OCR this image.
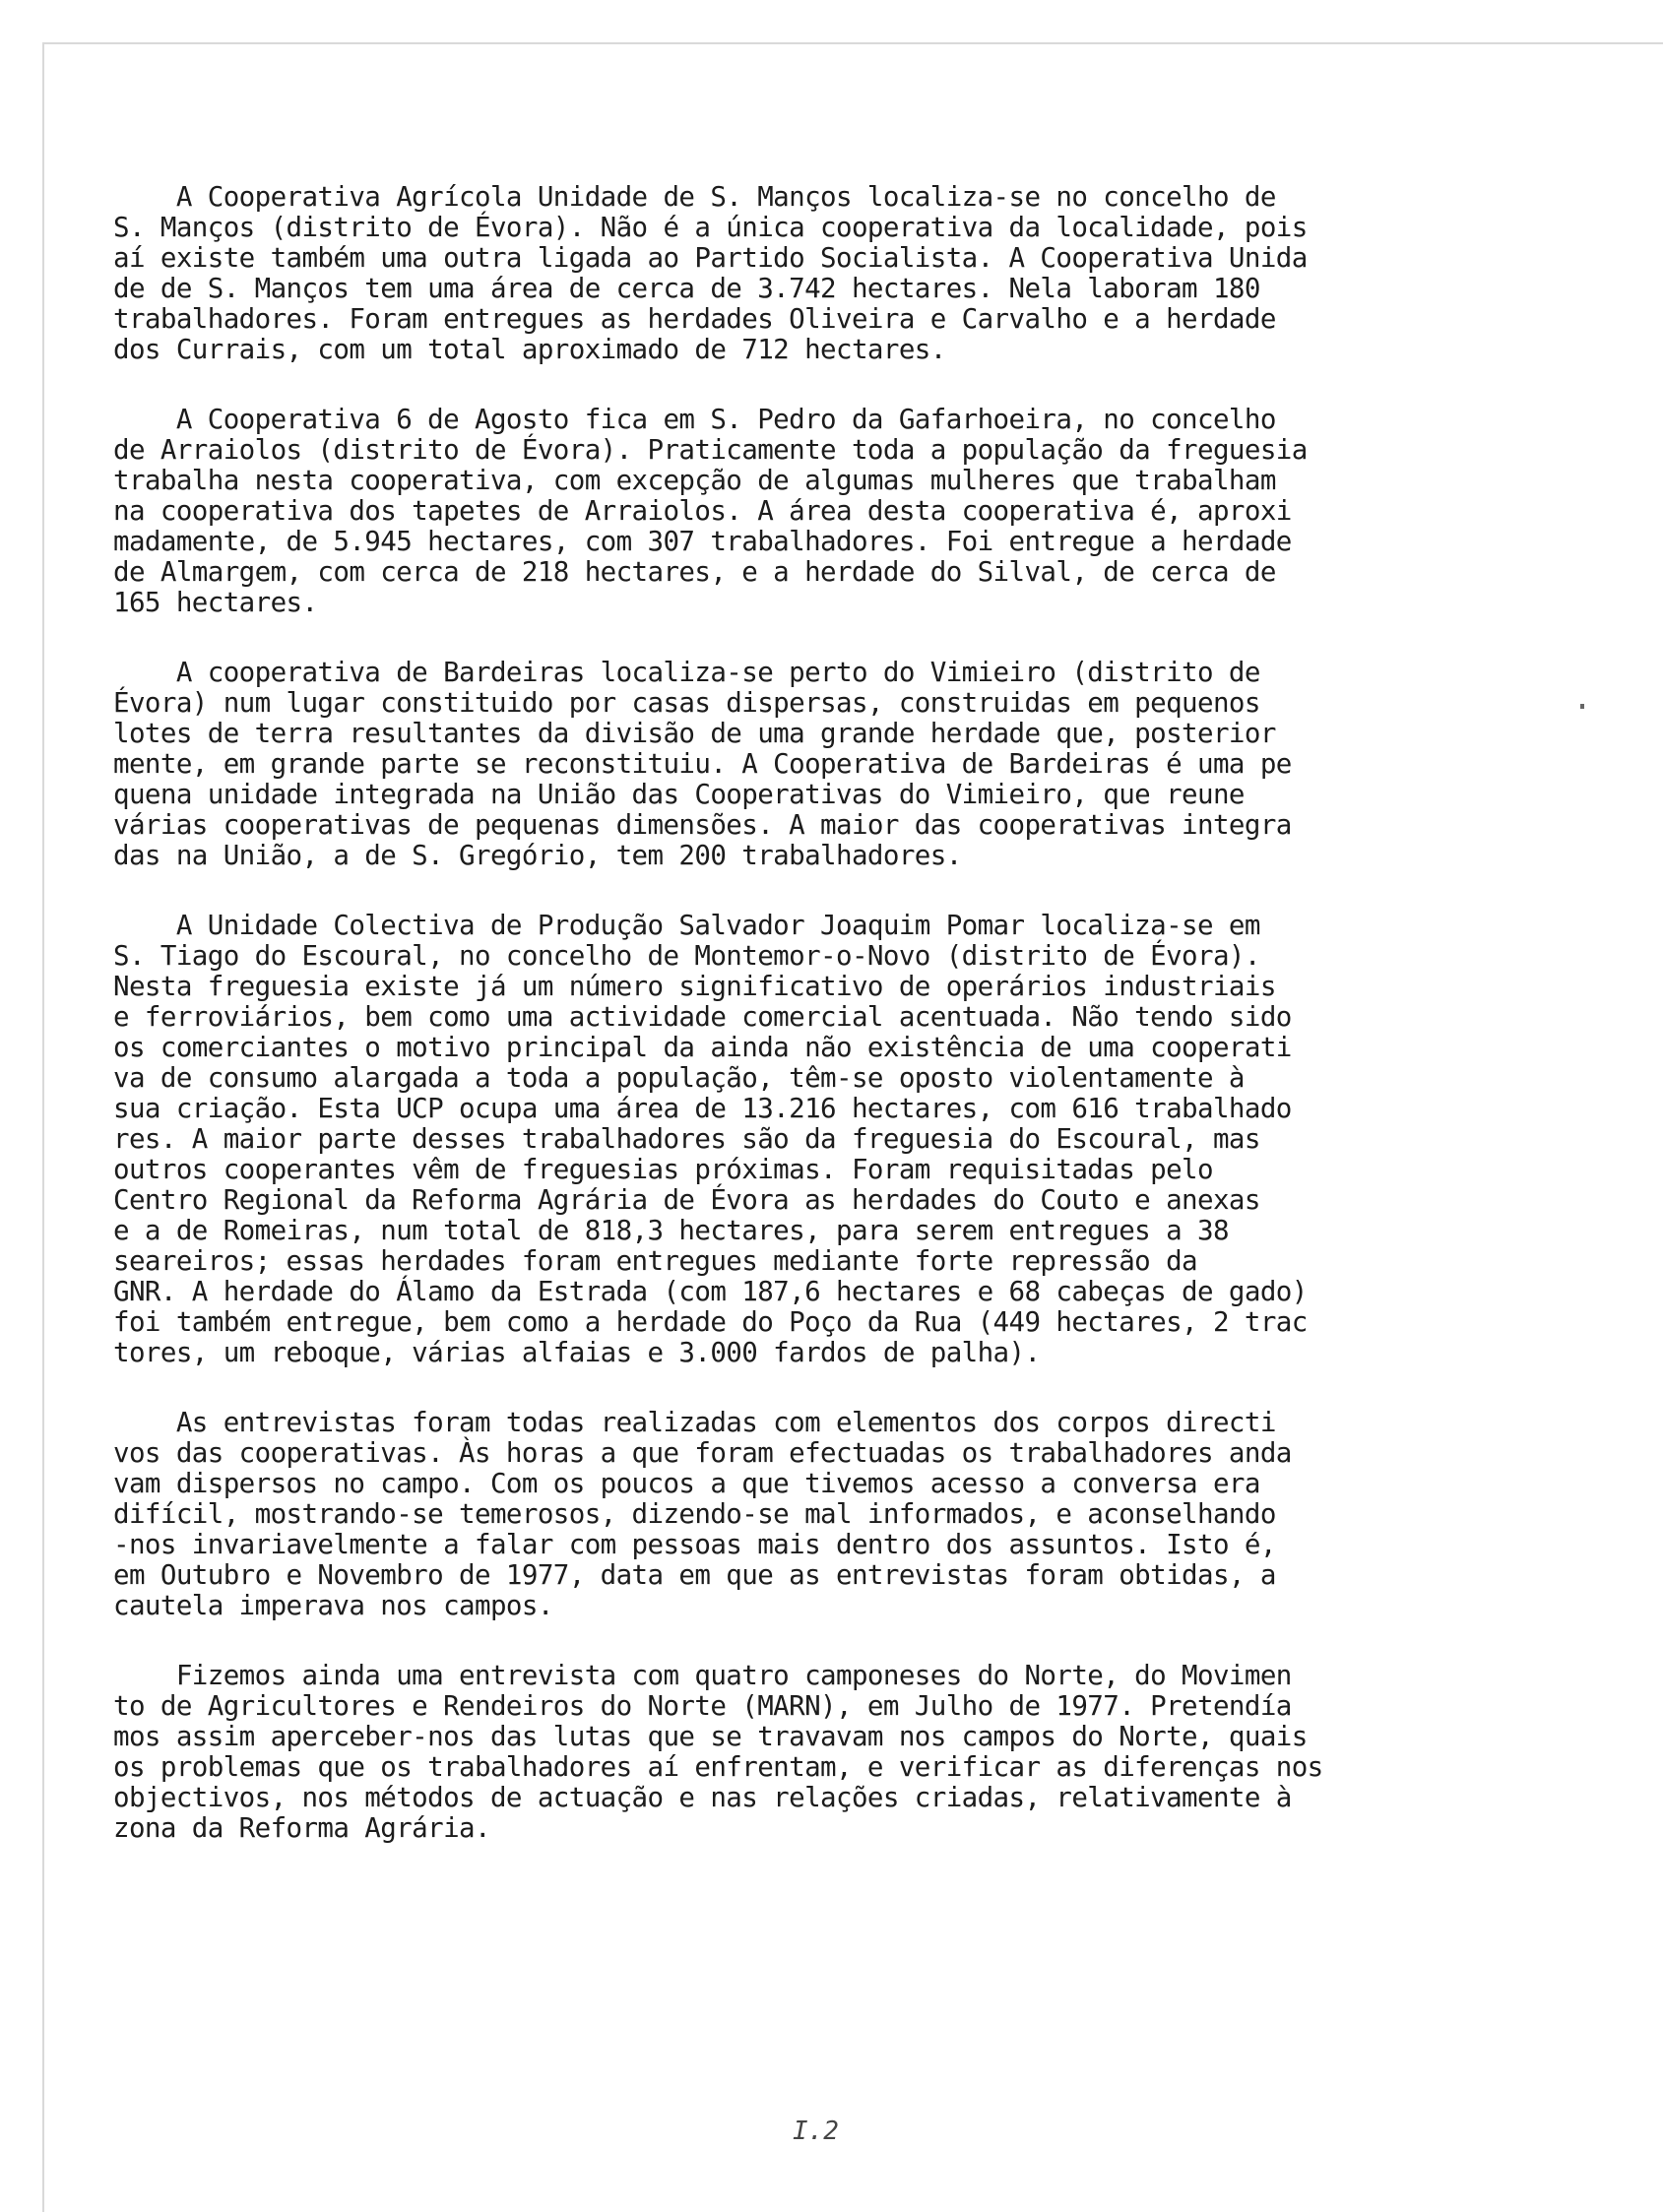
A Cooperativa Agrícola Unidade de S. Manços localiza-se no concelho de
S. Manços (distrito de Évora). Não é a única cooperativa da localidade, pois
aí existe também uma outra ligada ao Partido Socialista. A Cooperativa Unida
de de S. Manços tem uma área de cerca de 3.742 hectares. Nela laboram 180
trabalhadores. Foram entregues as herdades Oliveira e Carvalho e a herdade
dos Currais, com um total aproximado de 712 hectares.
A Cooperativa 6 de Agosto fica em S. Pedro da Gafarhoeira, no concelho
de Arraiolos (distrito de Évora). Praticamente toda a população da freguesia
trabalha nesta cooperativa, com excepção de algumas mulheres que trabalham
na cooperativa dos tapetes de Arraiolos. A área desta cooperativa é, aproxi
madamente, de 5.945 hectares, com 307 trabalhadores. Foi entregue a herdade
de Almargem, com cerca de 218 hectares, e a herdade do Silval, de cerca de
165 hectares.
A cooperativa de Bardeiras localiza-se perto do Vimieiro (distrito de
Évora) num lugar constituido por casas dispersas, construidas em pequenos
lotes de terra resultantes da divisão de uma grande herdade que, posterior
mente, em grande parte se reconstituiu. A Cooperativa de Bardeiras é uma pe
quena unidade integrada na União das Cooperativas do Vimieiro, que reune
várias cooperativas de pequenas dimensões. A maior das cooperativas integra
das na União, a de S. Gregório, tem 200 trabalhadores.
A Unidade Colectiva de Produção Salvador Joaquim Pomar localiza-se em
S. Tiago do Escoural, no concelho de Montemor-o-Novo (distrito de Évora).
Nesta freguesia existe já um número significativo de operários industriais
e ferroviários, bem como uma actividade comercial acentuada. Não tendo sido
os comerciantes o motivo principal da ainda não existência de uma cooperati
va de consumo alargada a toda a população, têm-se oposto violentamente à
sua criação. Esta UCP ocupa uma área de 13.216 hectares, com 616 trabalhado
res. A maior parte desses trabalhadores são da freguesia do Escoural, mas
outros cooperantes vêm de freguesias próximas. Foram requisitadas pelo
Centro Regional da Reforma Agrária de Évora as herdades do Couto e anexas
e a de Romeiras, num total de 818,3 hectares, para serem entregues a 38
seareiros; essas herdades foram entregues mediante forte repressão da
GNR. A herdade do Álamo da Estrada (com 187,6 hectares e 68 cabeças de gado)
foi também entregue, bem como a herdade do Poço da Rua (449 hectares, 2 trac
tores, um reboque, várias alfaias e 3.000 fardos de palha).
As entrevistas foram todas realizadas com elementos dos corpos directi
vos das cooperativas. Às horas a que foram efectuadas os trabalhadores anda
vam dispersos no campo. Com os poucos a que tivemos acesso a conversa era
difícil, mostrando-se temerosos, dizendo-se mal informados, e aconselhando
-nos invariavelmente a falar com pessoas mais dentro dos assuntos. Isto é,
em Outubro e Novembro de 1977, data em que as entrevistas foram obtidas, a
cautela imperava nos campos.
Fizemos ainda uma entrevista com quatro camponeses do Norte, do Movimen
to de Agricultores e Rendeiros do Norte (MARN), em Julho de 1977. Pretendía
mos assim aperceber-nos das lutas que se travavam nos campos do Norte, quais
os problemas que os trabalhadores aí enfrentam, e verificar as diferenças nos
objectivos, nos métodos de actuação e nas relações criadas, relativamente à
zona da Reforma Agrária.
I.2
